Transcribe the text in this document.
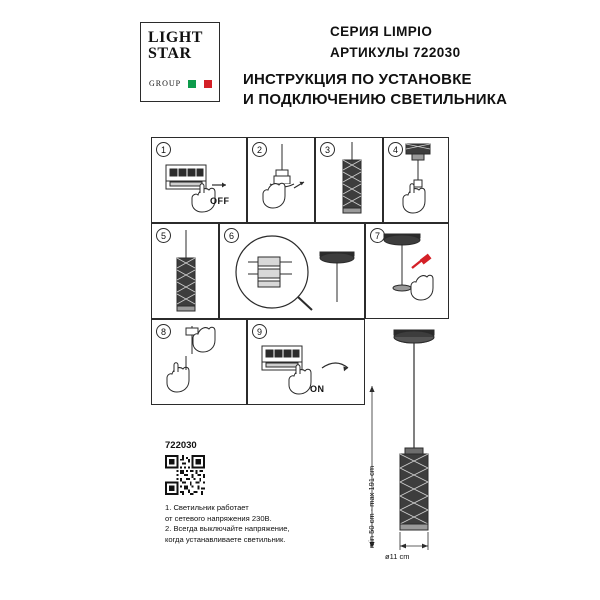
LIGHT
STAR
GROUP
СЕРИЯ LIMPIO
АРТИКУЛЫ 722030
ИНСТРУКЦИЯ ПО УСТАНОВКЕ
И ПОДКЛЮЧЕНИЮ СВЕТИЛЬНИКА
1
OFF
2	3	4
5	6	7
8	9
ON
min 50 cm - max 191 cm
ø11 cm
722030
1. Светильник работает
от сетевого напряжения 230В.
2. Всегда выключайте напряжение,
когда устанавливаете светильник.
